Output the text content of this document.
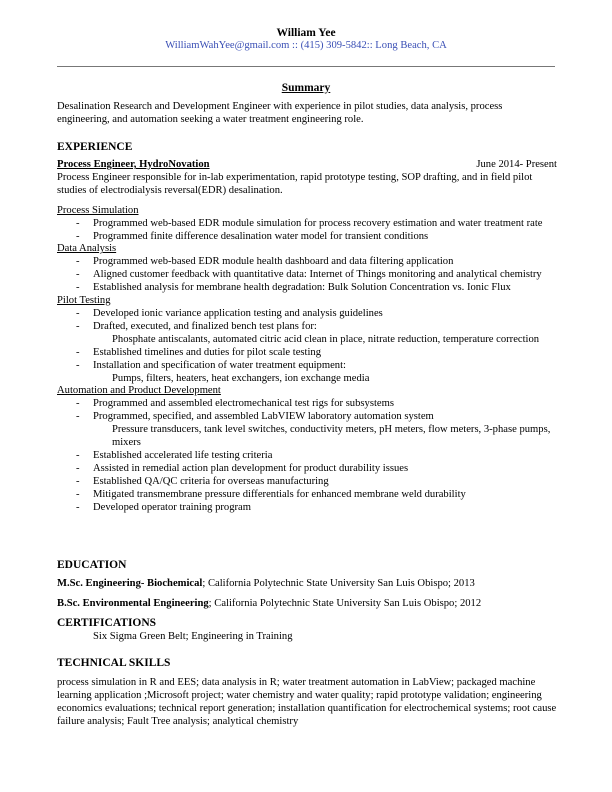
William Yee
WilliamWahYee@gmail.com :: (415) 309-5842:: Long Beach, CA
Summary
Desalination Research and Development Engineer with experience in pilot studies, data analysis, process engineering, and automation seeking a water treatment engineering role.
EXPERIENCE
Process Engineer, HydroNovation	June 2014- Present
Process Engineer responsible for in-lab experimentation, rapid prototype testing, SOP drafting, and in field pilot studies of electrodialysis reversal(EDR) desalination.
Process Simulation
- Programmed web-based EDR module simulation for process recovery estimation and water treatment rate
- Programmed finite difference desalination water model for transient conditions
Data Analysis
- Programmed web-based EDR module health dashboard and data filtering application
- Aligned customer feedback with quantitative data: Internet of Things monitoring and analytical chemistry
- Established analysis for membrane health degradation: Bulk Solution Concentration vs. Ionic Flux
Pilot Testing
- Developed ionic variance application testing and analysis guidelines
- Drafted, executed, and finalized bench test plans for:
Phosphate antiscalants, automated citric acid clean in place, nitrate reduction, temperature correction
- Established timelines and duties for pilot scale testing
- Installation and specification of water treatment equipment:
Pumps, filters, heaters, heat exchangers, ion exchange media
Automation and Product Development
- Programmed and assembled electromechanical test rigs for subsystems
- Programmed, specified, and assembled LabVIEW laboratory automation system
Pressure transducers, tank level switches, conductivity meters, pH meters, flow meters, 3-phase pumps, mixers
- Established accelerated life testing criteria
- Assisted in remedial action plan development for product durability issues
- Established QA/QC criteria for overseas manufacturing
- Mitigated transmembrane pressure differentials for enhanced membrane weld durability
- Developed operator training program
EDUCATION
M.Sc. Engineering- Biochemical; California Polytechnic State University San Luis Obispo; 2013
B.Sc. Environmental Engineering; California Polytechnic State University San Luis Obispo; 2012
CERTIFICATIONS
Six Sigma Green Belt; Engineering in Training
TECHNICAL SKILLS
process simulation in R and EES; data analysis in R; water treatment automation in LabView; packaged machine learning application ;Microsoft project; water chemistry and water quality; rapid prototype validation; engineering economics evaluations; technical report generation; installation quantification for electrochemical systems; root cause failure analysis; Fault Tree analysis; analytical chemistry
